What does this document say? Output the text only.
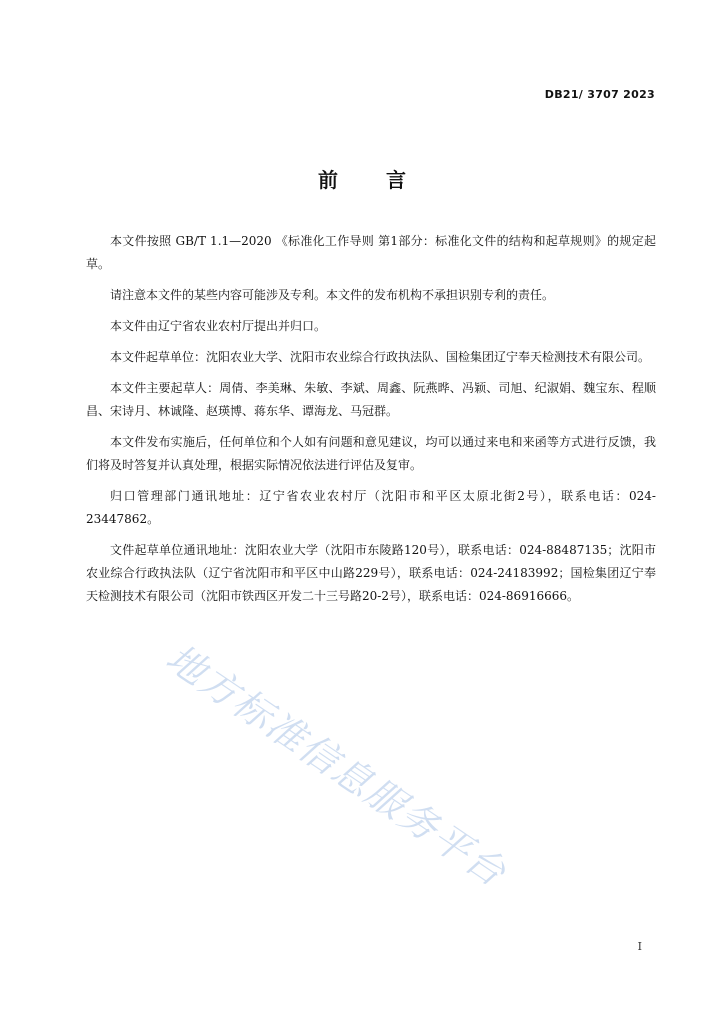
DB21/ 3707 2023
前言

本文件按照 GB/T 1.1—2020 《标准化工作导则 第1部分：标准化文件的结构和起草规则》的规定起草。

请注意本文件的某些内容可能涉及专利。本文件的发布机构不承担识别专利的责任。

本文件由辽宁省农业农村厅提出并归口。

本文件起草单位：沈阳农业大学、沈阳市农业综合行政执法队、国检集团辽宁奉天检测技术有限公司。

本文件主要起草人：周倩、李美琳、朱敏、李斌、周鑫、阮燕晔、冯颖、司旭、纪淑娟、魏宝东、程顺昌、宋诗月、林诚隆、赵瑛博、蒋东华、谭海龙、马冠群。

本文件发布实施后，任何单位和个人如有问题和意见建议，均可以通过来电和来函等方式进行反馈，我们将及时答复并认真处理，根据实际情况依法进行评估及复审。

归口管理部门通讯地址：辽宁省农业农村厅（沈阳市和平区太原北街2号），联系电话：024-23447862。

文件起草单位通讯地址：沈阳农业大学（沈阳市东陵路120号），联系电话：024-88487135；沈阳市农业综合行政执法队（辽宁省沈阳市和平区中山路229号），联系电话：024-24183992；国检集团辽宁奉天检测技术有限公司（沈阳市铁西区开发二十三号路20-2号），联系电话：024-86916666。

地方标准信息服务平台
I
